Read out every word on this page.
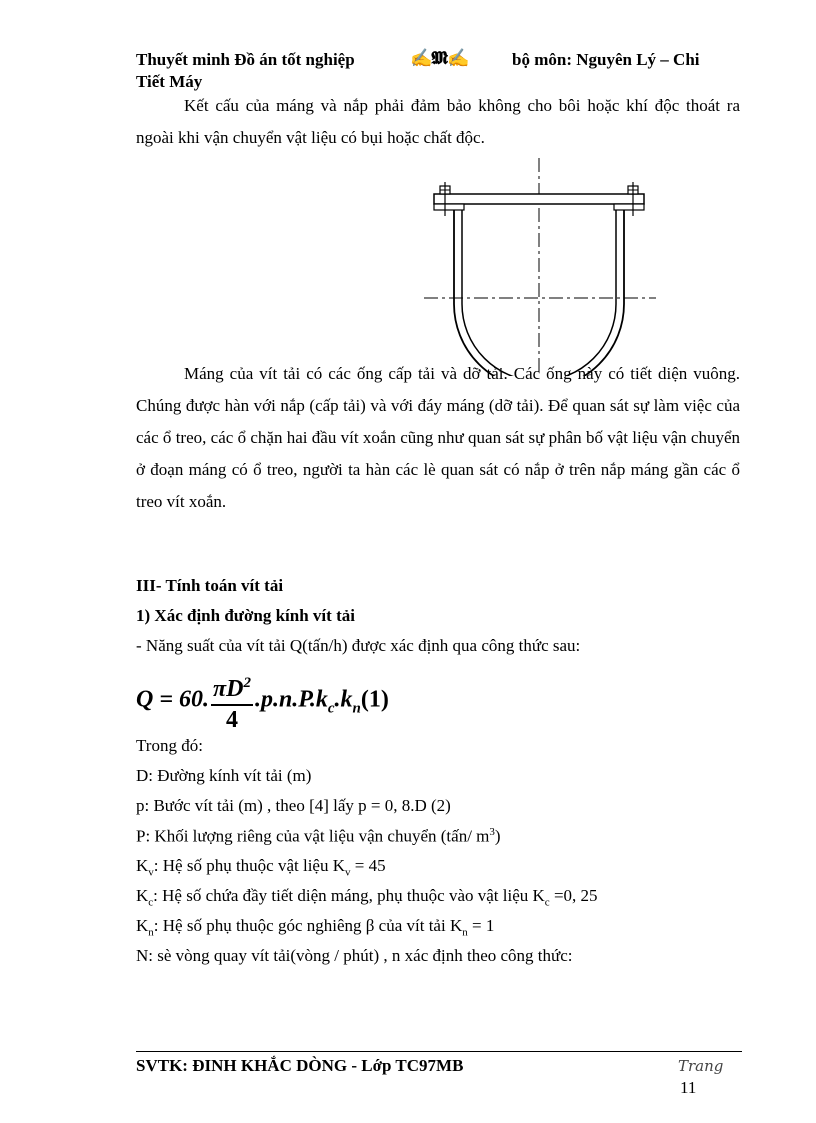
Thuyết minh Đồ án tốt nghiệp	✍️𝕸✍	bộ môn: Nguyên Lý – Chi
Tiết Máy
Kết cấu của máng và nắp phải đảm bảo không cho bôi hoặc khí độc thoát ra ngoài khi vận chuyển vật liệu có bụi hoặc chất độc.
Máng của vít tải có các ống cấp tải và dỡ tải. Các ống này có tiết diện vuông. Chúng được hàn với nắp (cấp tải) và với đáy máng (dỡ tải). Để quan sát sự làm việc của các ổ treo, các ổ chặn hai đầu vít xoắn cũng như quan sát sự phân bố vật liệu vận chuyển ở đoạn máng có ổ treo, người ta hàn các lè quan sát có nắp ở trên nắp máng gần các ổ treo vít xoắn.
III- Tính toán vít tải
1) Xác định đường kính vít tải
- Năng suất của vít tải Q(tấn/h) được xác định qua công thức sau:
Q = 60. $\frac{\pi D^2}{4} .p.n.P.k_c.k_n(1)$
Trong đó:
D: Đường kính vít tải (m)
p: Bước vít tải (m) , theo [4] lấy p = 0, 8.D (2)
P: Khối lượng riêng của vật liệu vận chuyển (tấn/ $m^3$)
$K_v$: Hệ số phụ thuộc vật liệu $K_v = 45$
$K_c$: Hệ số chứa đầy tiết diện máng, phụ thuộc vào vật liệu $K_c =0$, 25
$K_n$: Hệ số phụ thuộc góc nghiêng β của vít tải $K_n = 1$
N: sè vòng quay vít tải(vòng / phút) , n xác định theo công thức:
SVTK: ĐINH KHẮC DÒNG - Lớp TC97MB	Trang
11
